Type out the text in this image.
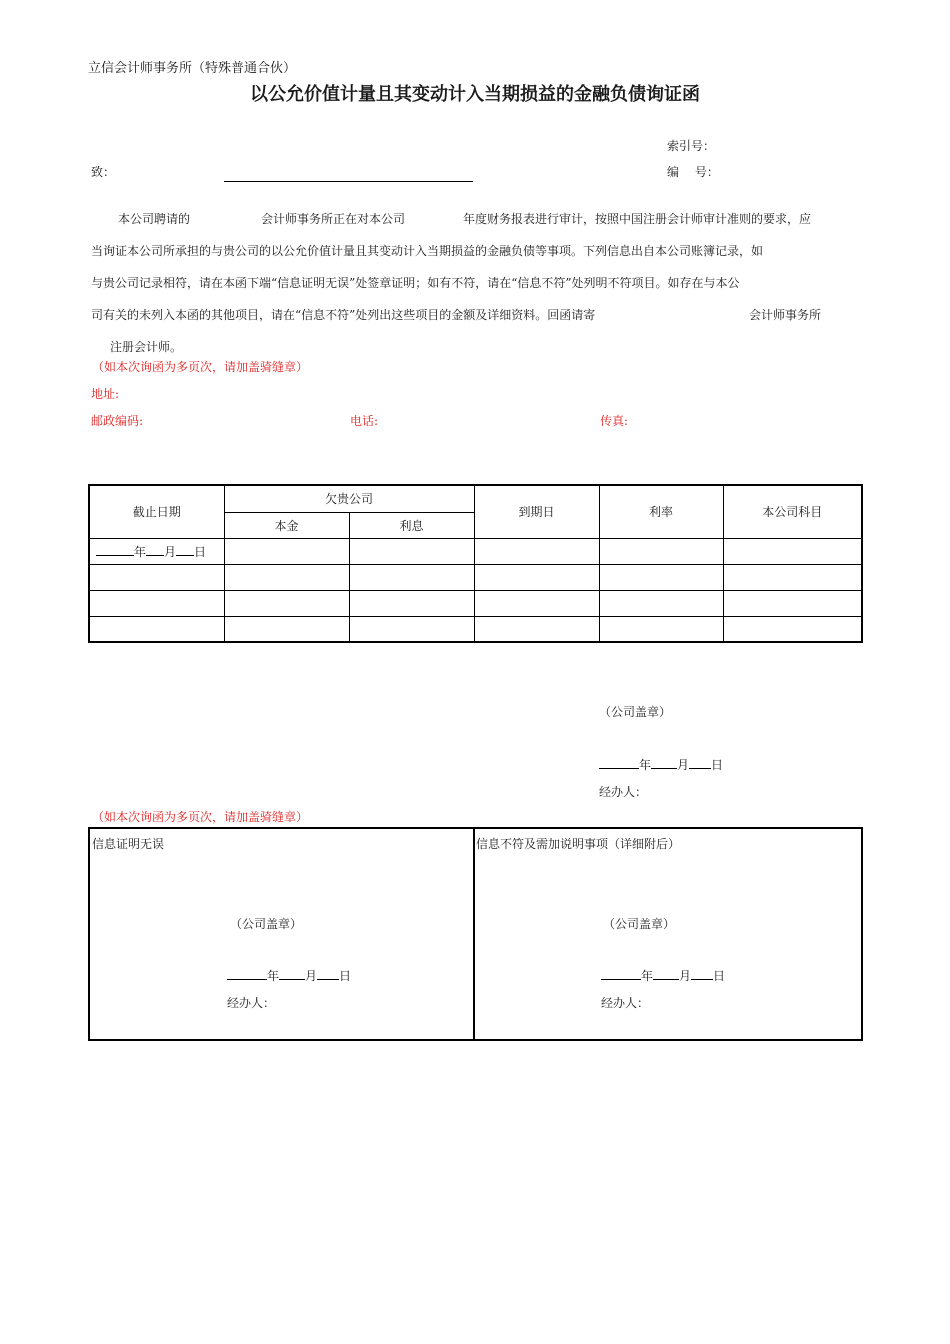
立信会计师事务所（特殊普通合伙）
以公允价值计量且其变动计入当期损益的金融负债询证函
索引号：
致：	编　 号：
本公司聘请的	会计师事务所正在对本公司	年度财务报表进行审计，按照中国注册会计师审计准则的要求，应
当询证本公司所承担的与贵公司的以公允价值计量且其变动计入当期损益的金融负债等事项。下列信息出自本公司账簿记录，如
与贵公司记录相符，请在本函下端“信息证明无误”处签章证明；如有不符，请在“信息不符”处列明不符项目。如存在与本公
司有关的未列入本函的其他项目，请在“信息不符”处列出这些项目的金额及详细资料。回函请寄	会计师事务所
注册会计师。
（如本次询函为多页次，请加盖骑缝章）
地址:
邮政编码:	电话:	传真:
截止日期	欠贵公司		到期日	利率	本公司科目
	本金	利息			
年 月 日					

（公司盖章）
年 月 日
经办人：
（如本次询函为多页次，请加盖骑缝章）
信息证明无误
（公司盖章）
年 月 日
经办人：
信息不符及需加说明事项（详细附后）
（公司盖章）
年 月 日
经办人：
